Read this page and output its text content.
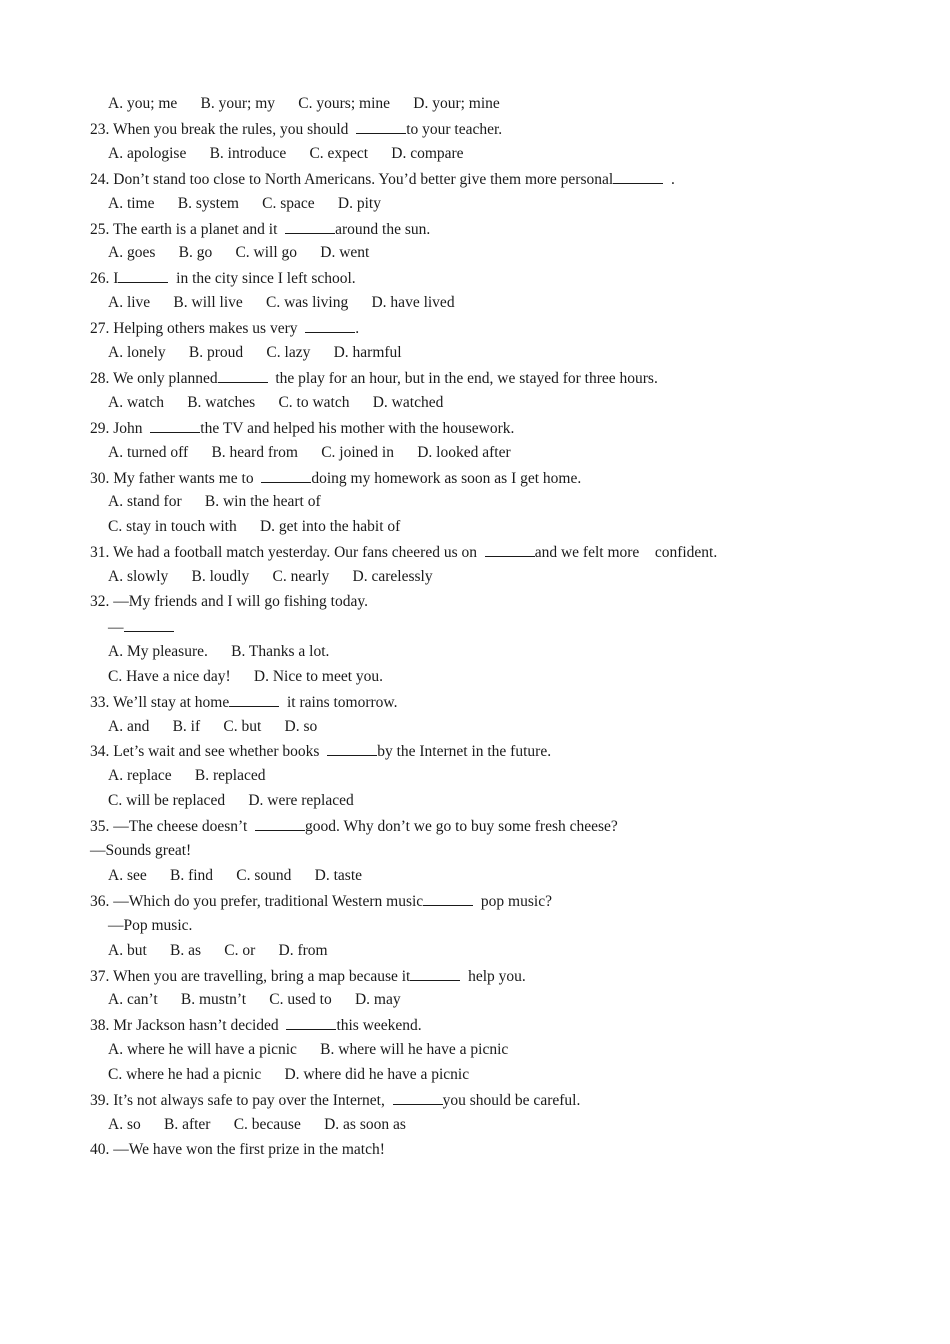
A. you; me      B. your; my      C. yours; mine      D. your; mine
23. When you break the rules, you should	to your teacher.
A. apologise      B. introduce      C. expect      D. compare
24. Don’t stand too close to North Americans. You’d better give them more personal	.
A. time      B. system      C. space      D. pity
25. The earth is a planet and it	around the sun.
A. goes      B. go      C. will go      D. went
26. I	in the city since I left school.
A. live      B. will live      C. was living      D. have lived
27. Helping others makes us very	.
A. lonely      B. proud      C. lazy      D. harmful
28. We only planned	the play for an hour, but in the end, we stayed for three hours.
A. watch      B. watches      C. to watch      D. watched
29. John	the TV and helped his mother with the housework.
A. turned off      B. heard from      C. joined in      D. looked after
30. My father wants me to	doing my homework as soon as I get home.
A. stand for      B. win the heart of
C. stay in touch with      D. get into the habit of
31. We had a football match yesterday. Our fans cheered us on	and we felt more    confident.
A. slowly      B. loudly      C. nearly      D. carelessly
32. —My friends and I will go fishing today.
—
A. My pleasure.      B. Thanks a lot.
C. Have a nice day!      D. Nice to meet you.
33. We’ll stay at home	it rains tomorrow.
A. and      B. if      C. but      D. so
34. Let’s wait and see whether books	by the Internet in the future.
A. replace      B. replaced
C. will be replaced      D. were replaced
35. —The cheese doesn’t	good. Why don’t we go to buy some fresh cheese?
—Sounds great!
A. see      B. find      C. sound      D. taste
36. —Which do you prefer, traditional Western music	pop music?
—Pop music.
A. but      B. as      C. or      D. from
37. When you are travelling, bring a map because it	help you.
A. can’t      B. mustn’t      C. used to      D. may
38. Mr Jackson hasn’t decided	this weekend.
A. where he will have a picnic      B. where will he have a picnic
C. where he had a picnic      D. where did he have a picnic
39. It’s not always safe to pay over the Internet,	you should be careful.
A. so      B. after      C. because      D. as soon as
40. —We have won the first prize in the match!
